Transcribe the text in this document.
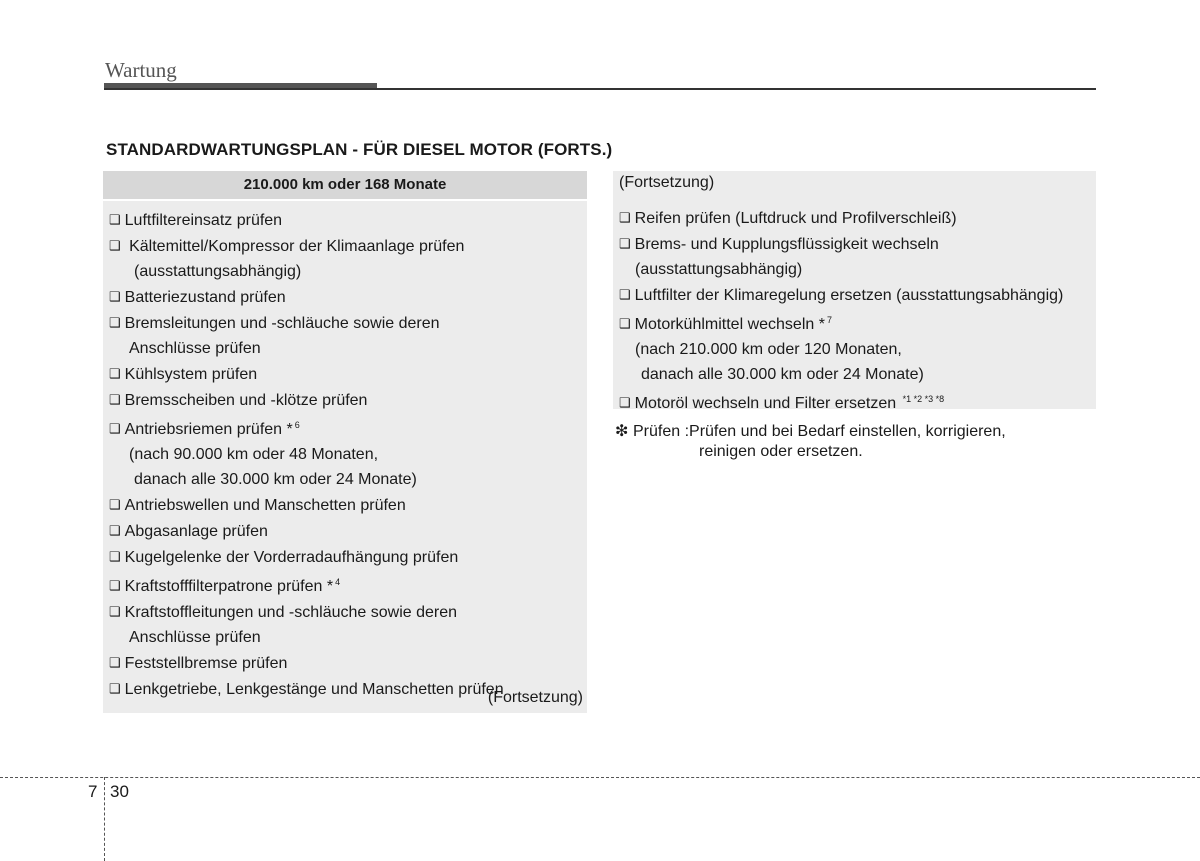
Wartung
STANDARDWARTUNGSPLAN - FÜR DIESEL MOTOR (FORTS.)
210.000 km oder 168 Monate
❑ Luftfiltereinsatz prüfen
❑ Kältemittel/Kompressor der Klimaanlage prüfen
(ausstattungsabhängig)
❑ Batteriezustand prüfen
❑ Bremsleitungen und -schläuche sowie deren
Anschlüsse prüfen
❑ Kühlsystem prüfen
❑ Bremsscheiben und -klötze prüfen
❑ Antriebsriemen prüfen * $^6$
(nach 90.000 km oder 48 Monaten,
danach alle 30.000 km oder 24 Monate)
❑ Antriebswellen und Manschetten prüfen
❑ Abgasanlage prüfen
❑ Kugelgelenke der Vorderradaufhängung prüfen
❑ Kraftstofffilterpatrone prüfen * $^4$
❑ Kraftstoffleitungen und -schläuche sowie deren
Anschlüsse prüfen
❑ Feststellbremse prüfen
❑ Lenkgetriebe, Lenkgestänge und Manschetten prüfen
(Fortsetzung)
(Fortsetzung)
❑ Reifen prüfen (Luftdruck und Profilverschleiß)
❑ Brems- und Kupplungsflüssigkeit wechseln
(ausstattungsabhängig)
❑ Luftfilter der Klimaregelung ersetzen (ausstattungsabhängig)
❑ Motorkühlmittel wechseln * $^7$
(nach 210.000 km oder 120 Monaten,
danach alle 30.000 km oder 24 Monate)
❑ Motoröl wechseln und Filter ersetzen $^{*1 *2 *3 *8}$
❇ Prüfen :Prüfen und bei Bedarf einstellen, korrigieren,
reinigen oder ersetzen.
7 30
